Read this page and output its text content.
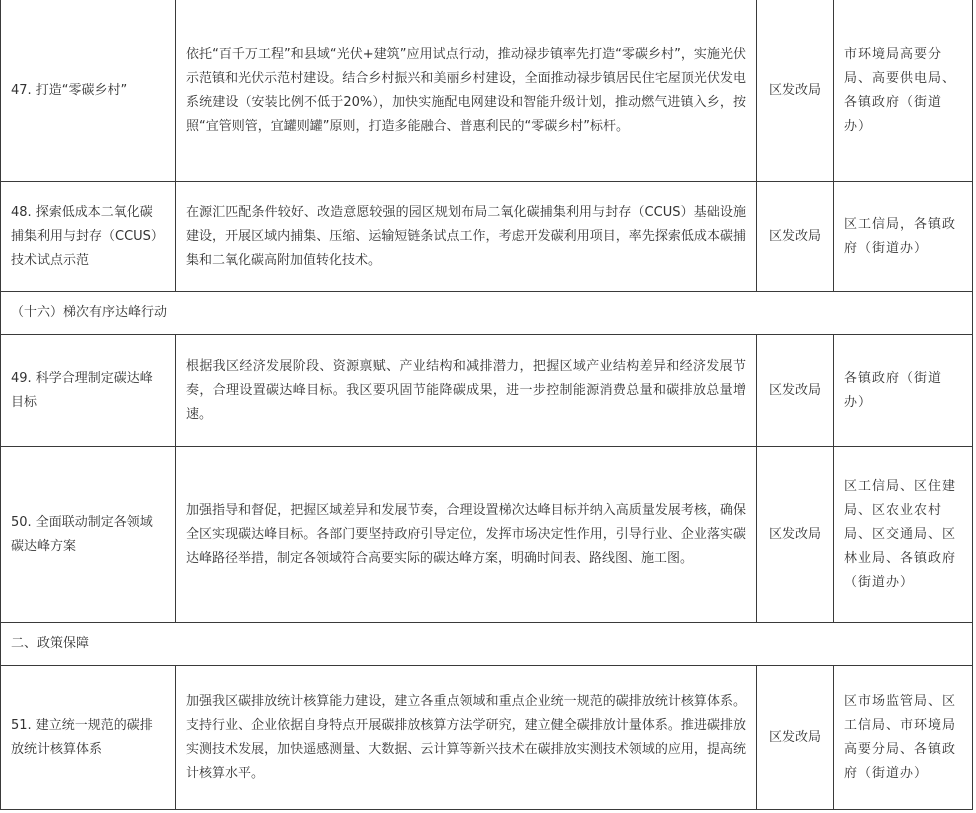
47. 打造“零碳乡村”	依托“百千万工程”和县域“光伏+建筑”应用试点行动，推动禄步镇率先打造“零碳乡村”，实施光伏示范镇和光伏示范村建设。结合乡村振兴和美丽乡村建设，全面推动禄步镇居民住宅屋顶光伏发电系统建设（安装比例不低于20%），加快实施配电网建设和智能升级计划，推动燃气进镇入乡，按照“宜管则管，宜罐则罐”原则，打造多能融合、普惠利民的“零碳乡村”标杆。	区发改局	市环境局高要分局、高要供电局、各镇政府（街道办）
48. 探索低成本二氧化碳捕集利用与封存（CCUS）技术试点示范	在源汇匹配条件较好、改造意愿较强的园区规划布局二氧化碳捕集利用与封存（CCUS）基础设施建设，开展区域内捕集、压缩、运输短链条试点工作，考虑开发碳利用项目，率先探索低成本碳捕集和二氧化碳高附加值转化技术。	区发改局	区工信局，各镇政府（街道办）
（十六）梯次有序达峰行动			
49. 科学合理制定碳达峰目标	根据我区经济发展阶段、资源禀赋、产业结构和减排潜力，把握区域产业结构差异和经济发展节奏，合理设置碳达峰目标。我区要巩固节能降碳成果，进一步控制能源消费总量和碳排放总量增速。	区发改局	各镇政府（街道办）
50. 全面联动制定各领域碳达峰方案	加强指导和督促，把握区域差异和发展节奏，合理设置梯次达峰目标并纳入高质量发展考核，确保全区实现碳达峰目标。各部门要坚持政府引导定位，发挥市场决定性作用，引导行业、企业落实碳达峰路径举措，制定各领域符合高要实际的碳达峰方案，明确时间表、路线图、施工图。	区发改局	区工信局、区住建局、区农业农村局、区交通局、区林业局、各镇政府（街道办）
二、政策保障			
51. 建立统一规范的碳排放统计核算体系	加强我区碳排放统计核算能力建设，建立各重点领域和重点企业统一规范的碳排放统计核算体系。支持行业、企业依据自身特点开展碳排放核算方法学研究，建立健全碳排放计量体系。推进碳排放实测技术发展，加快遥感测量、大数据、云计算等新兴技术在碳排放实测技术领域的应用，提高统计核算水平。	区发改局	区市场监管局、区工信局、市环境局高要分局、各镇政府（街道办）
